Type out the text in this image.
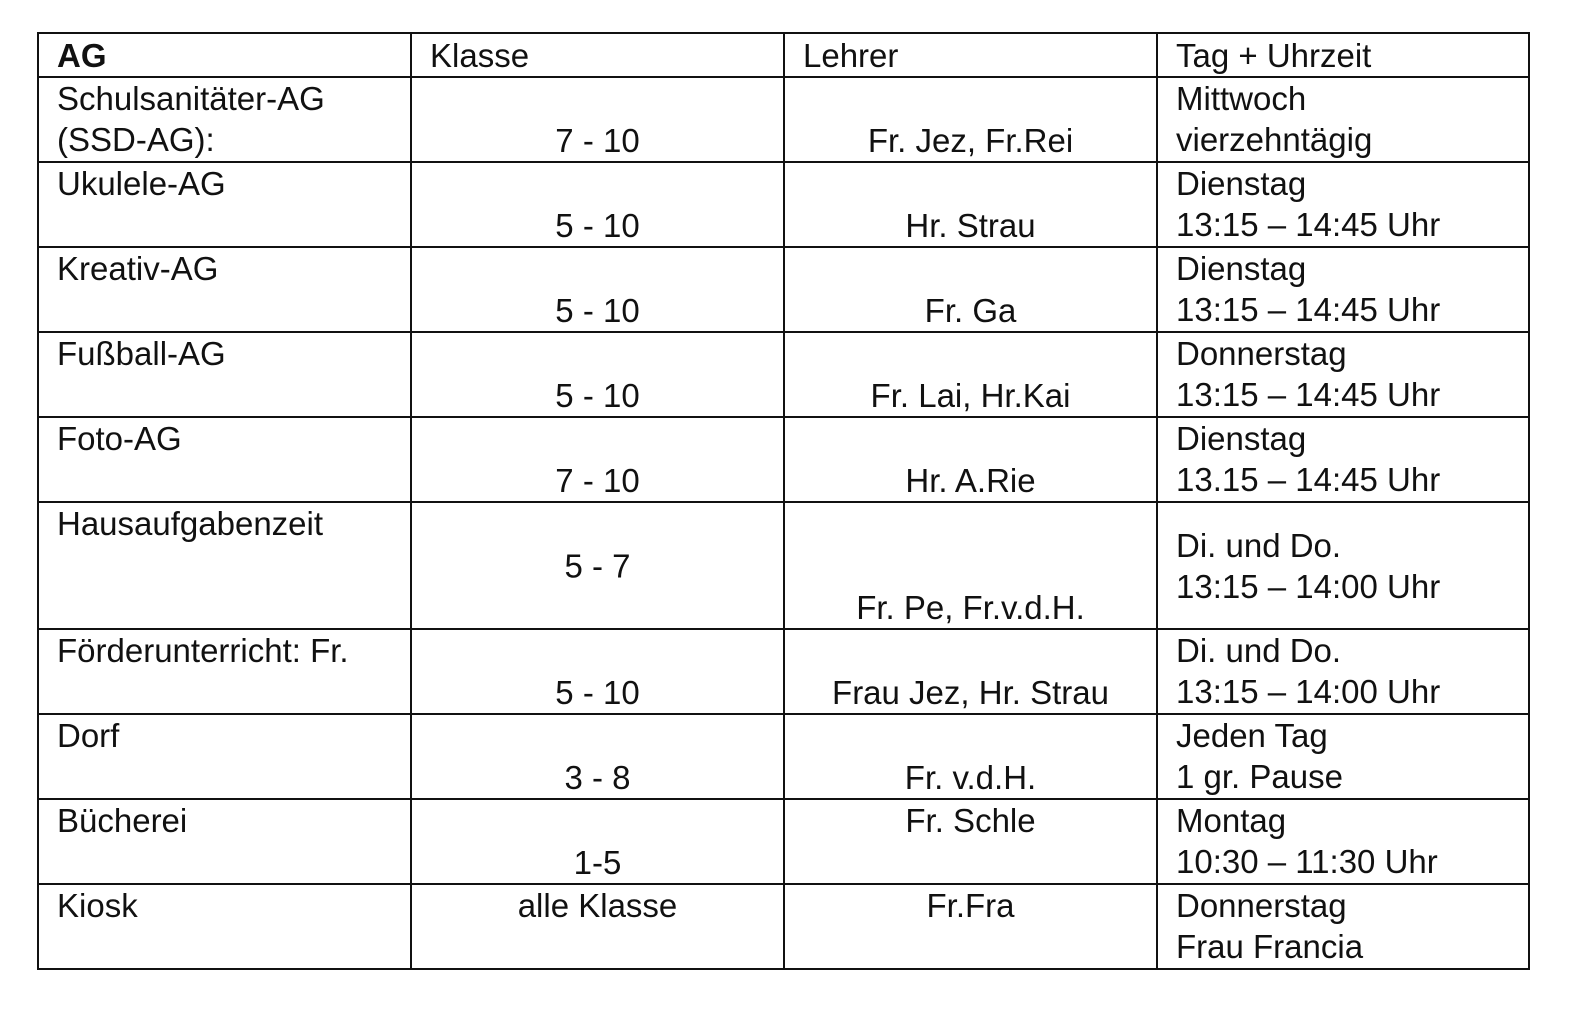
AG	Klasse	Lehrer	Tag + Uhrzeit

Schulsanitäter-AG
(SSD-AG):	7 - 10	Fr. Jez, Fr.Rei	Mittwoch
vierzehntägig

Ukulele-AG	5 - 10	Hr. Strau	Dienstag
13:15 – 14:45 Uhr

Kreativ-AG	5 - 10	Fr. Ga	Dienstag
13:15 – 14:45 Uhr

Fußball-AG	5 - 10	Fr. Lai, Hr.Kai	Donnerstag
13:15 – 14:45 Uhr

Foto-AG	7 - 10	Hr. A.Rie	Dienstag
13.15 – 14:45 Uhr

Hausaufgabenzeit	5 - 7	Fr. Pe, Fr.v.d.H.	Di. und Do.
13:15 – 14:00 Uhr

Förderunterricht: Fr.	5 - 10	Frau Jez, Hr. Strau	Di. und Do.
13:15 – 14:00 Uhr

Dorf	3 - 8	Fr. v.d.H.	Jeden Tag
1 gr. Pause

Bücherei	1-5	Fr. Schle	Montag
10:30 – 11:30 Uhr

Kiosk	alle Klasse	Fr.Fra	Donnerstag
Frau Francia
